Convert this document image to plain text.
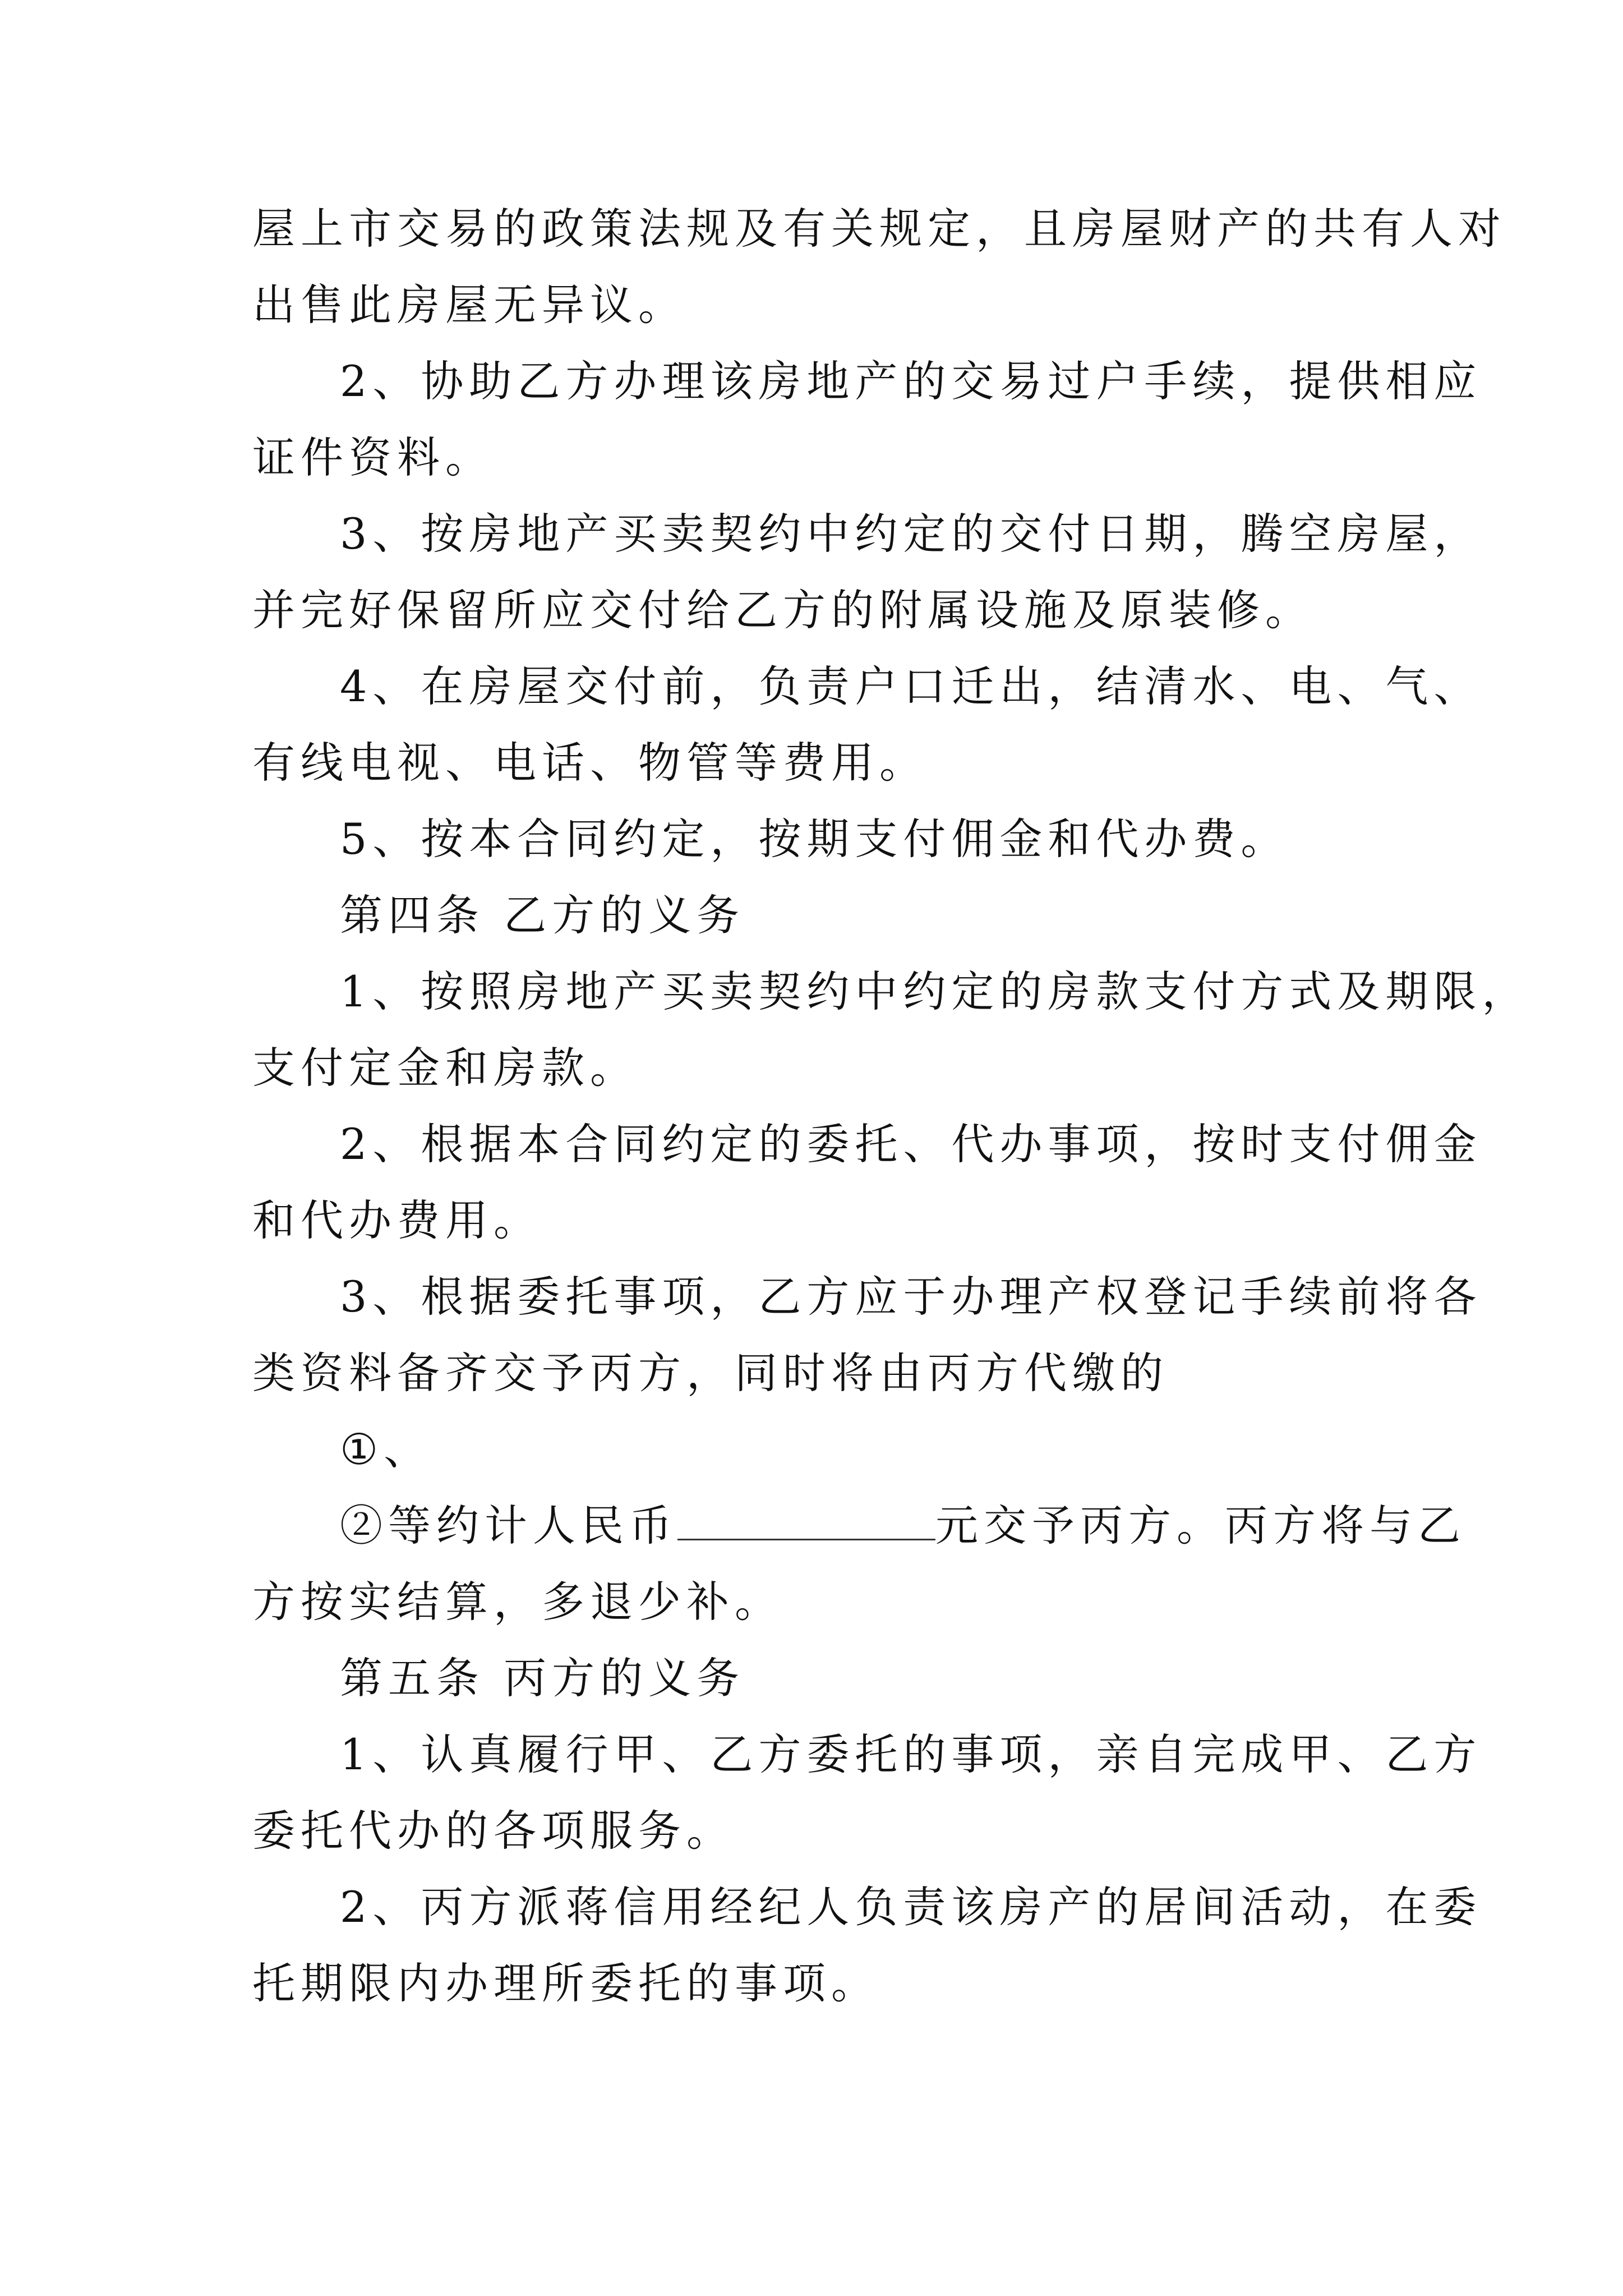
屋上市交易的政策法规及有关规定，且房屋财产的共有人对

出售此房屋无异议。

2、协助乙方办理该房地产的交易过户手续，提供相应

证件资料。

3、按房地产买卖契约中约定的交付日期，腾空房屋，

并完好保留所应交付给乙方的附属设施及原装修。

4、在房屋交付前，负责户口迁出，结清水、电、气、

有线电视、电话、物管等费用。

5、按本合同约定，按期支付佣金和代办费。

第四条 乙方的义务

1、按照房地产买卖契约中约定的房款支付方式及期限，

支付定金和房款。

2、根据本合同约定的委托、代办事项，按时支付佣金

和代办费用。

3、根据委托事项，乙方应于办理产权登记手续前将各

类资料备齐交予丙方，同时将由丙方代缴的

①、

②等约计人民币	元交予丙方。丙方将与乙

方按实结算，多退少补。

第五条 丙方的义务

1、认真履行甲、乙方委托的事项，亲自完成甲、乙方

委托代办的各项服务。

2、丙方派蒋信用经纪人负责该房产的居间活动，在委

托期限内办理所委托的事项。
